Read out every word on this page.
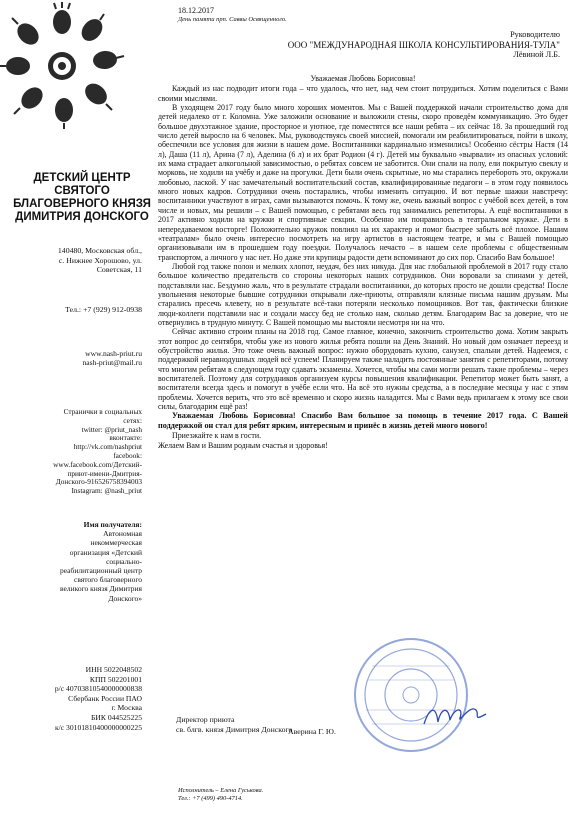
18.12.2017
День памяти прп. Саввы Освященного.
Руководителю
ООО "МЕЖДУНАРОДНАЯ ШКОЛА КОНСУЛЬТИРОВАНИЯ-ТУЛА"
Лёвиной Л.Б.
ДЕТСКИЙ ЦЕНТР СВЯТОГО БЛАГОВЕРНОГО КНЯЗЯ ДИМИТРИЯ ДОНСКОГО
140480, Московская обл.,
с. Нижнее Хорошово, ул.
Советская, 11
Тел.: +7 (929) 912-0938
www.nash-priut.ru
nash-priut@mail.ru
Странички в социальных
сетях:
twitter: @priut_nash
вконтакте:
http://vk.com/nashpriut
facebook:
www.facebook.com/Детский-
приют-имени-Дмитрия-
Донского-916526758394003
Instagram: @nash_priut
Имя получателя:
Автономная
некоммерческая
организация «Детский
социально-
реабилитационный центр
святого благоверного
великого князя Димитрия
Донского»
ИНН 5022048502
КПП 502201001
р/с 40703810540000000838
Сбербанк России ПАО
г. Москва
БИК 044525225
к/с 30101810400000000225

Уважаемая Любовь Борисовна!

Каждый из нас подводит итоги года – что удалось, что нет, над чем стоит потрудиться. Хотим поделиться с Вами своими мыслями.

В уходящем 2017 году было много хороших моментов. Мы с Вашей поддержкой начали строительство дома для детей недалеко от г. Коломна. Уже заложили основание и выложили стены, скоро проведём коммуникацию. Это будет большое двухэтажное здание, просторное и уютное, где поместятся все наши ребята – их сейчас 18. За прошедший год число детей выросло на 6 человек. Мы, руководствуясь своей миссией, помогали им реабилитироваться, пойти в школу, обеспечили все условия для жизни в нашем доме. Воспитанники кардинально изменились! Особенно сёстры Настя (14 л), Даша (11 л), Арина (7 л), Аделина (6 л) и их брат Родион (4 г). Детей мы буквально «вырвали» из опасных условий: их мама страдает алкогольной зависимостью, о ребятах совсем не заботится. Они спали на полу, ели покрытую свеклу и морковь, не ходили на учёбу и даже на прогулки. Дети были очень скрытные, но мы старались перебороть это, окружали любовью, лаской. У нас замечательный воспитательский состав, квалифицированные педагоги – в этом году появилось много новых кадров. Сотрудники очень постарались, чтобы изменить ситуацию. И вот первые шажки навстречу: воспитанники участвуют в играх, сами вызываются помочь. К тому же, очень важный вопрос с учёбой всех детей, в том числе и новых, мы решили – с Вашей помощью, с ребятами весь год занимались репетиторы. А ещё воспитанники в 2017 активно ходили на кружки и спортивные секции. Особенно им понравилось в театральном кружке. Дети в непередаваемом восторге! Положительно кружок повлиял на их характер и помог быстрее забыть всё плохое. Нашим «театралам» было очень интересно посмотреть на игру артистов в настоящем театре, и мы с Вашей помощью организовывали им в прошедшем году поездки. Получалось нечасто – в нашем селе проблемы с общественным транспортом, а личного у нас нет. Но даже эти крупицы радости дети вспоминают до сих пор. Спасибо Вам большое!

Любой год также полон и мелких хлопот, неудач, без них никуда. Для нас глобальной проблемой в 2017 году стало большое количество предательств со стороны некоторых наших сотрудников. Они воровали за спинами у детей, подставляли нас. Бездумно жаль, что в результате страдали воспитанники, до которых просто не дошли средства! После увольнения некоторые бывшие сотрудники открывали лже-приюты, отправляли клязные письма нашим друзьям. Мы старались пресечь клевету, но в результате всё-таки потеряли несколько помощников. Вот так, фактически близкие люди-коллеги подставили нас и создали массу бед не столько нам, сколько детям. Благодарим Вас за доверие, что не отвернулись в трудную минуту. С Вашей помощью мы выстояли несмотря ни на что.

Сейчас активно строим планы на 2018 год. Самое главное, конечно, закончить строительство дома. Хотим закрыть этот вопрос до сентября, чтобы уже из нового жилья ребята пошли на День Знаний. Но новый дом означает переезд и обустройство жилья. Это тоже очень важный вопрос: нужно оборудовать кухню, санузел, спальни детей. Надеемся, с поддержкой неравнодушных людей всё успеем! Планируем также наладить постоянные занятия с репетиторами, потому что многим ребятам в следующем году сдавать экзамены. Хочется, чтобы мы сами могли решать такие проблемы – через воспитателей. Поэтому для сотрудников организуем курсы повышения квалификации. Репетитор может быть занят, а воспитатели всегда здесь и помогут в учёбе если что. На всё это нужны средства, а в последние месяцы у нас с этим проблемы. Хочется верить, что это всё временно и скоро жизнь наладится. Мы с Вами ведь прилагаем к этому все свои силы, благодарим ещё раз!

Уважаемая Любовь Борисовна! Спасибо Вам большое за помощь в течение 2017 года. С Вашей поддержкой он стал для ребят ярким, интересным и принёс в жизнь детей много нового!

Приезжайте к нам в гости.

Желаем Вам и Вашим родным счастья и здоровья!

Директор приюта
св. блгв. князя Димитрия Донского
Аверина Г. Ю.
Исполнитель – Елена Гуськова.
Тел.: +7 (499) 490-4714.
